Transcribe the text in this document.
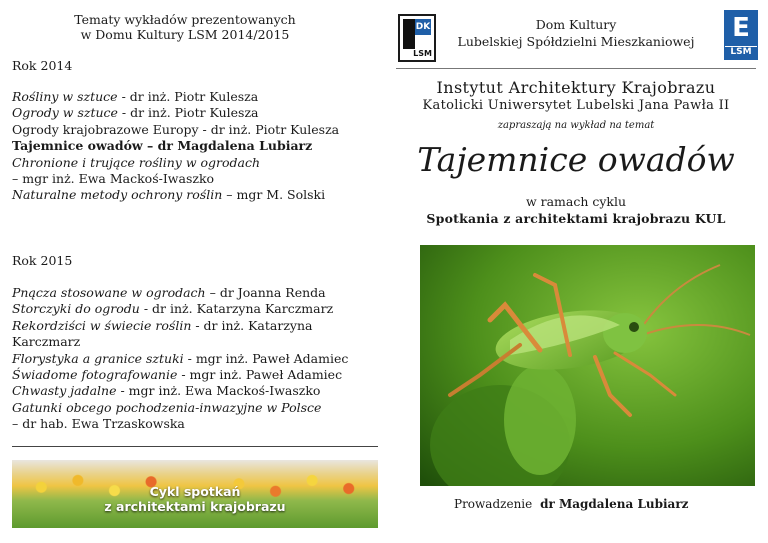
Tematy wykładów prezentowanych
w Domu Kultury LSM 2014/2015
Rok 2014
Rośliny w sztuce - dr inż. Piotr Kulesza
Ogrody w sztuce - dr inż. Piotr Kulesza
Ogrody krajobrazowe Europy - dr inż. Piotr Kulesza
Tajemnice owadów – dr Magdalena Lubiarz
Chronione i trujące rośliny w ogrodach
– mgr inż. Ewa Mackoś-Iwaszko
Naturalne metody ochrony roślin – mgr M. Solski
Rok 2015
Pnącza stosowane w ogrodach – dr Joanna Renda
Storczyki do ogrodu - dr inż. Katarzyna Karczmarz
Rekordziści w świecie roślin - dr inż. Katarzyna Karczmarz
Florystyka a granice sztuki - mgr inż. Paweł Adamiec
Świadome fotografowanie - mgr inż. Paweł Adamiec
Chwasty jadalne - mgr inż. Ewa Mackoś-Iwaszko
Gatunki obcego pochodzenia-inwazyjne w Polsce
– dr hab. Ewa Trzaskowska
Cykl spotkań
z architektami krajobrazu
DK
LSM
Dom Kultury
Lubelskiej Spółdzielni Mieszkaniowej	E
LSM
Instytut Architektury Krajobrazu
Katolicki Uniwersytet Lubelski Jana Pawła II
zapraszają na wykład na temat
Tajemnice owadów
w ramach cyklu
Spotkania z architektami krajobrazu KUL
Prowadzenie dr Magdalena Lubiarz
